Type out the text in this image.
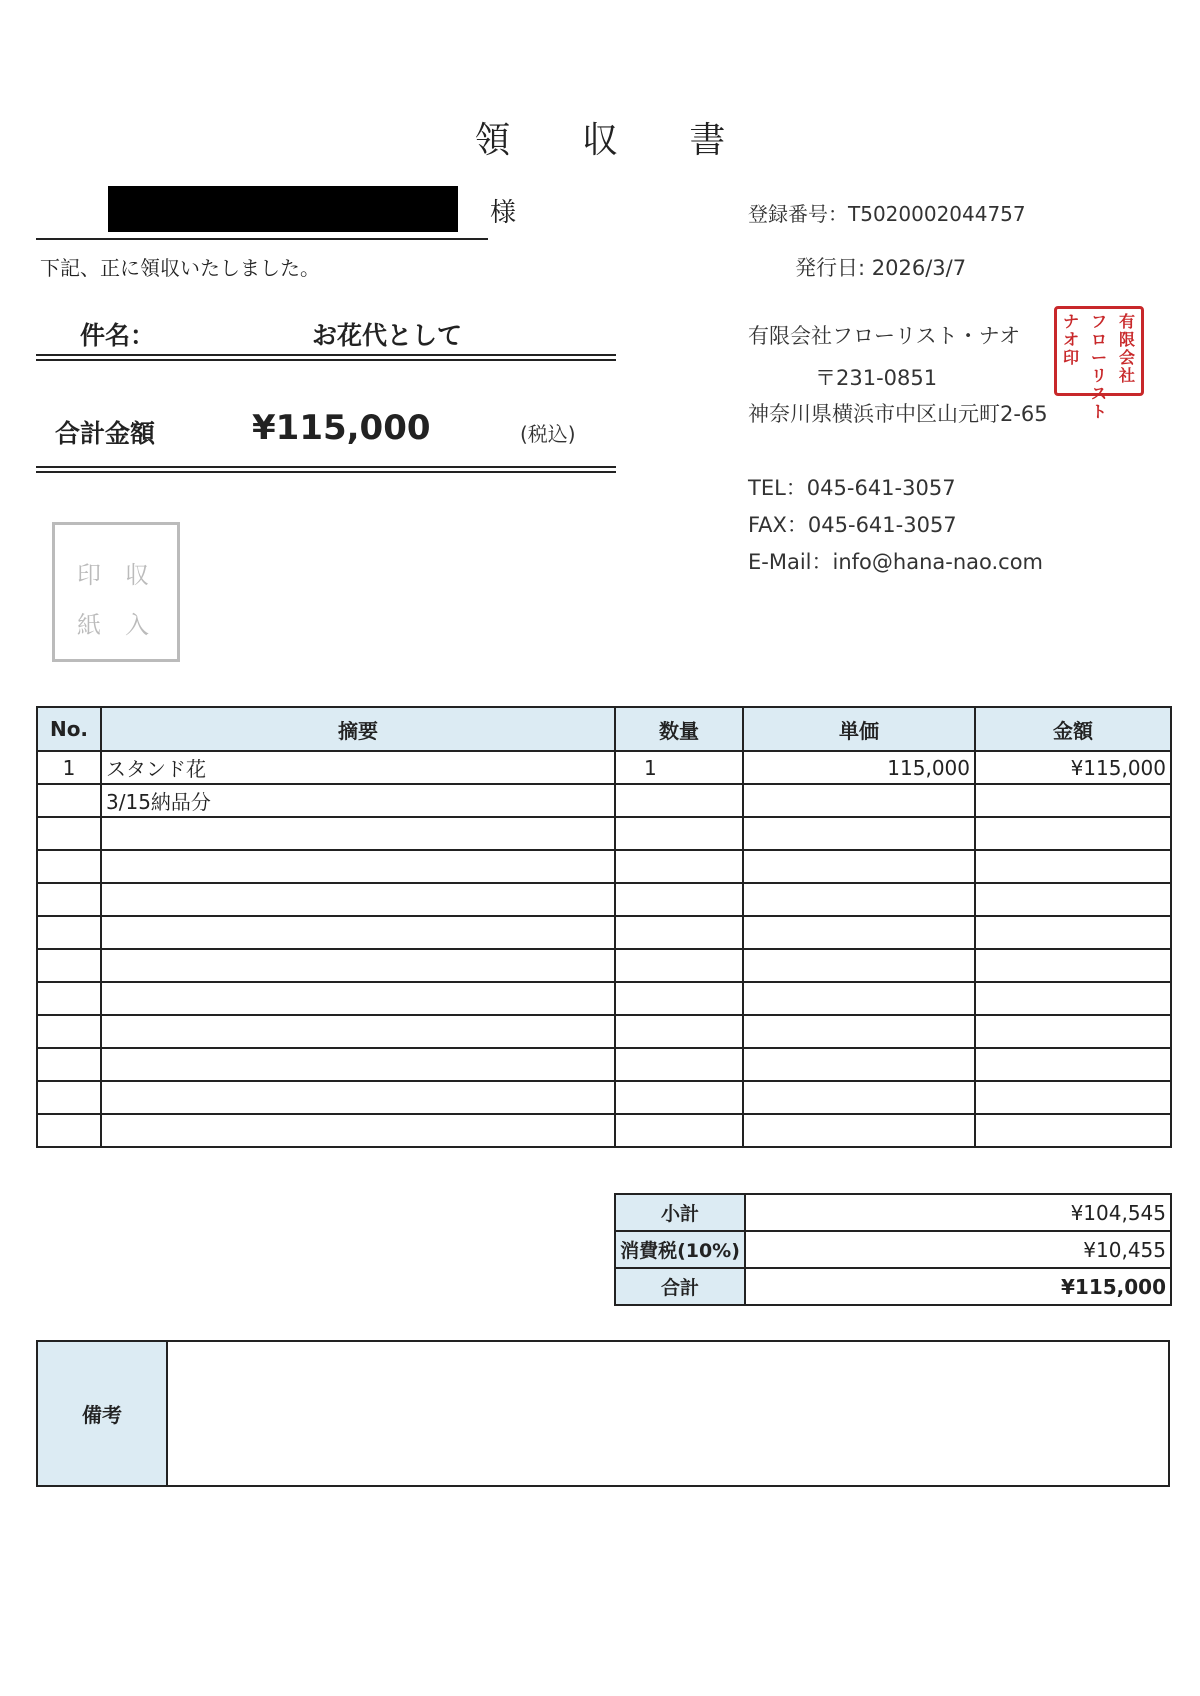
領 収 書
様
下記、正に領収いたしました。
件名：	お花代として
合計金額	¥115,000	(税込)
収
入
印
紙
登録番号：T5020002044757
発行日: 2026/3/7
有限会社フローリスト・ナオ
〒231-0851
神奈川県横浜市中区山元町2-65
TEL：045-641-3057
FAX：045-641-3057
E-Mail：info@hana-nao.com
有限会社
フローリスト
ナオ印
No.	摘要	数量	単価	金額
1	スタンド花	1	115,000	¥115,000
	3/15納品分			

小計	¥104,545
消費税(10%)	¥10,455
合計	¥115,000
備考
